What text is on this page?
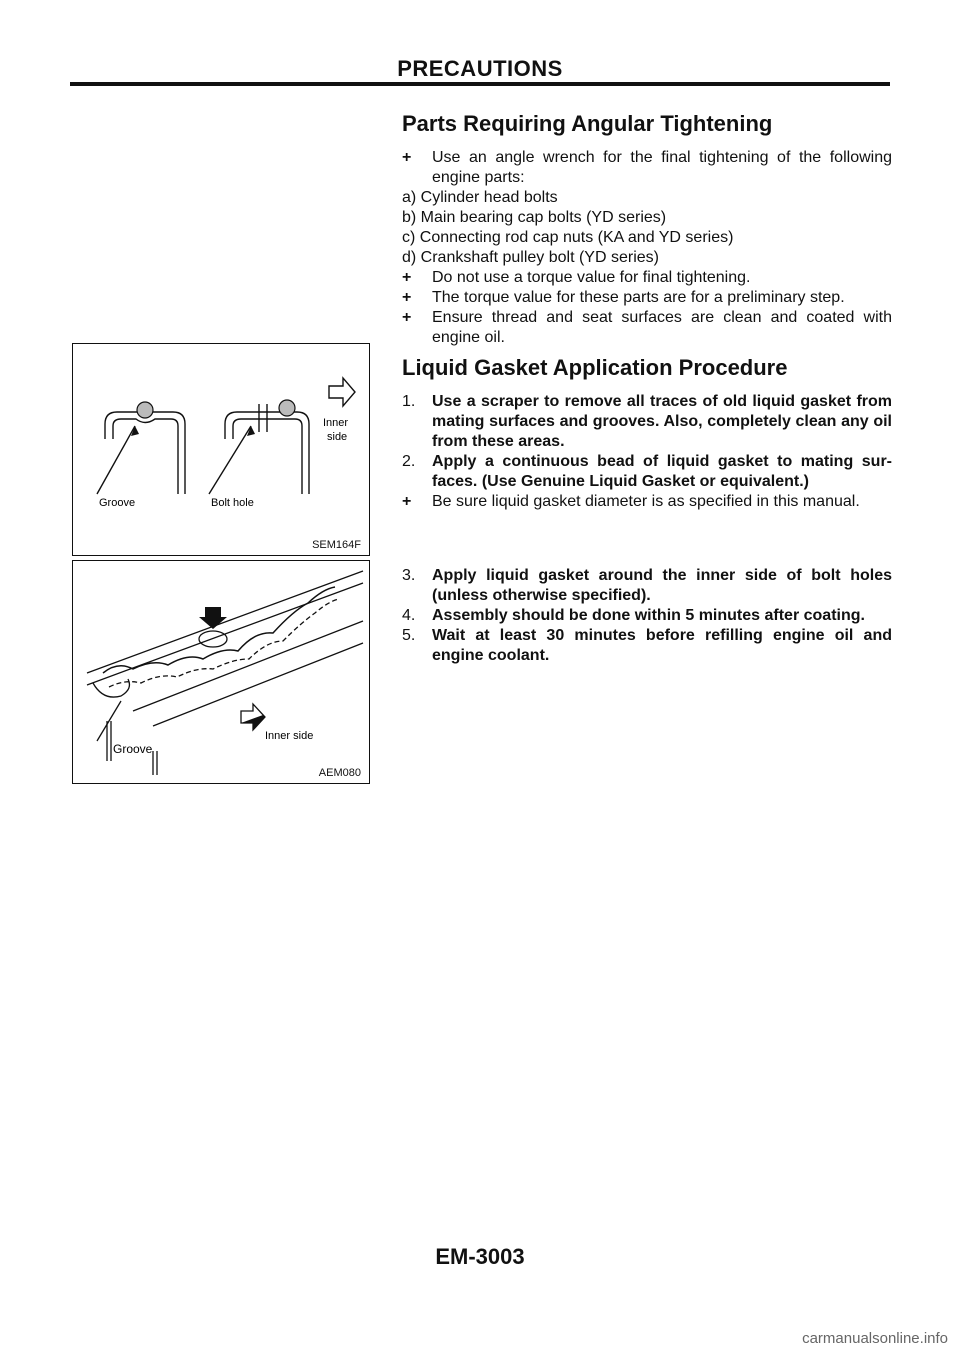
PRECAUTIONS
Groove	Bolt hole
Inner
side
SEM164F
Groove
Inner side
AEM080
Parts Requiring Angular Tightening
+	Use an angle wrench for the final tightening of the following engine parts:

a) Cylinder head bolts

b) Main bearing cap bolts (YD series)

c) Connecting rod cap nuts (KA and YD series)

d) Crankshaft pulley bolt (YD series)

+	Do not use a torque value for final tightening.
+	The torque value for these parts are for a preliminary step.
+	Ensure thread and seat surfaces are clean and coated with engine oil.
Liquid Gasket Application Procedure
1.	Use a scraper to remove all traces of old liquid gasket from mating surfaces and grooves. Also, completely clean any oil from these areas.
2.	Apply a continuous bead of liquid gasket to mating sur-faces. (Use Genuine Liquid Gasket or equivalent.)
+	Be sure liquid gasket diameter is as specified in this manual.
3.	Apply liquid gasket around the inner side of bolt holes (unless otherwise specified).
4.	Assembly should be done within 5 minutes after coating.
5.	Wait at least 30 minutes before refilling engine oil and engine coolant.
EM-3003
carmanualsonline.info
